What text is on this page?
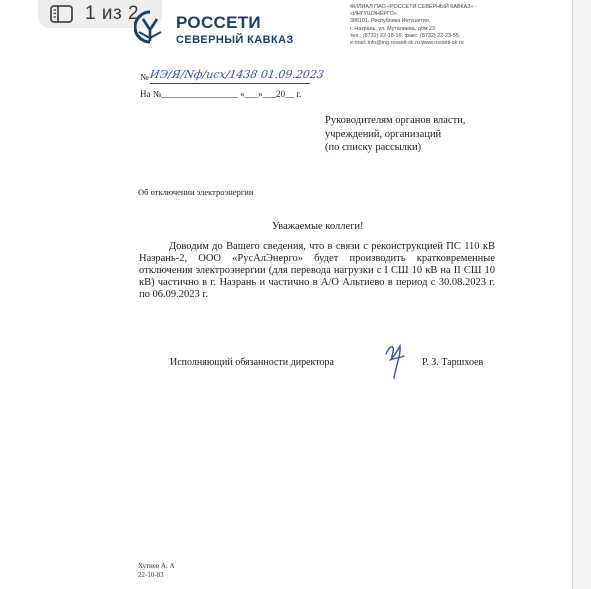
1 из 2 РОССЕТИ
СЕВЕРНЫЙ КАВКАЗ
ФИЛИАЛ ПАО «РОССЕТИ СЕВЕРНЫЙ КАВКАЗ» -
«ИНГУШЭНЕРГО»
386101, Республика Ингушетия,
г. Назрань, ул. Муталиева, дом 23
тел.: (8732) 22-18-16, факс: (8732) 22-23-55,
e-mail: info@ing.rosseti-sk.ru www.rosseti-sk.ru
№ ИЭ/Я/Nф/исх/1438 01.09.2023
На №_________________ «___»___20__ г.
Руководителям органов власти,
учреждений, организаций
(по списку рассылки)
Об отключении электроэнергии
Уважаемые коллеги!
Доводим до Вашего сведения, что в связи с реконструкцией ПС 110 кВ Назрань-2, ООО «РусАлЭнерго» будет производить кратковременные отключения электроэнергии (для перевода нагрузки с I СШ 10 кВ на II СШ 10 кВ) частично в г. Назрань и частично в А/О Альтиево в период с 30.08.2023 г. по 06.09.2023 г.
Исполняющий обязанности директора	Р. З. Таршхоев
Хутиев А. А
22-10-83
